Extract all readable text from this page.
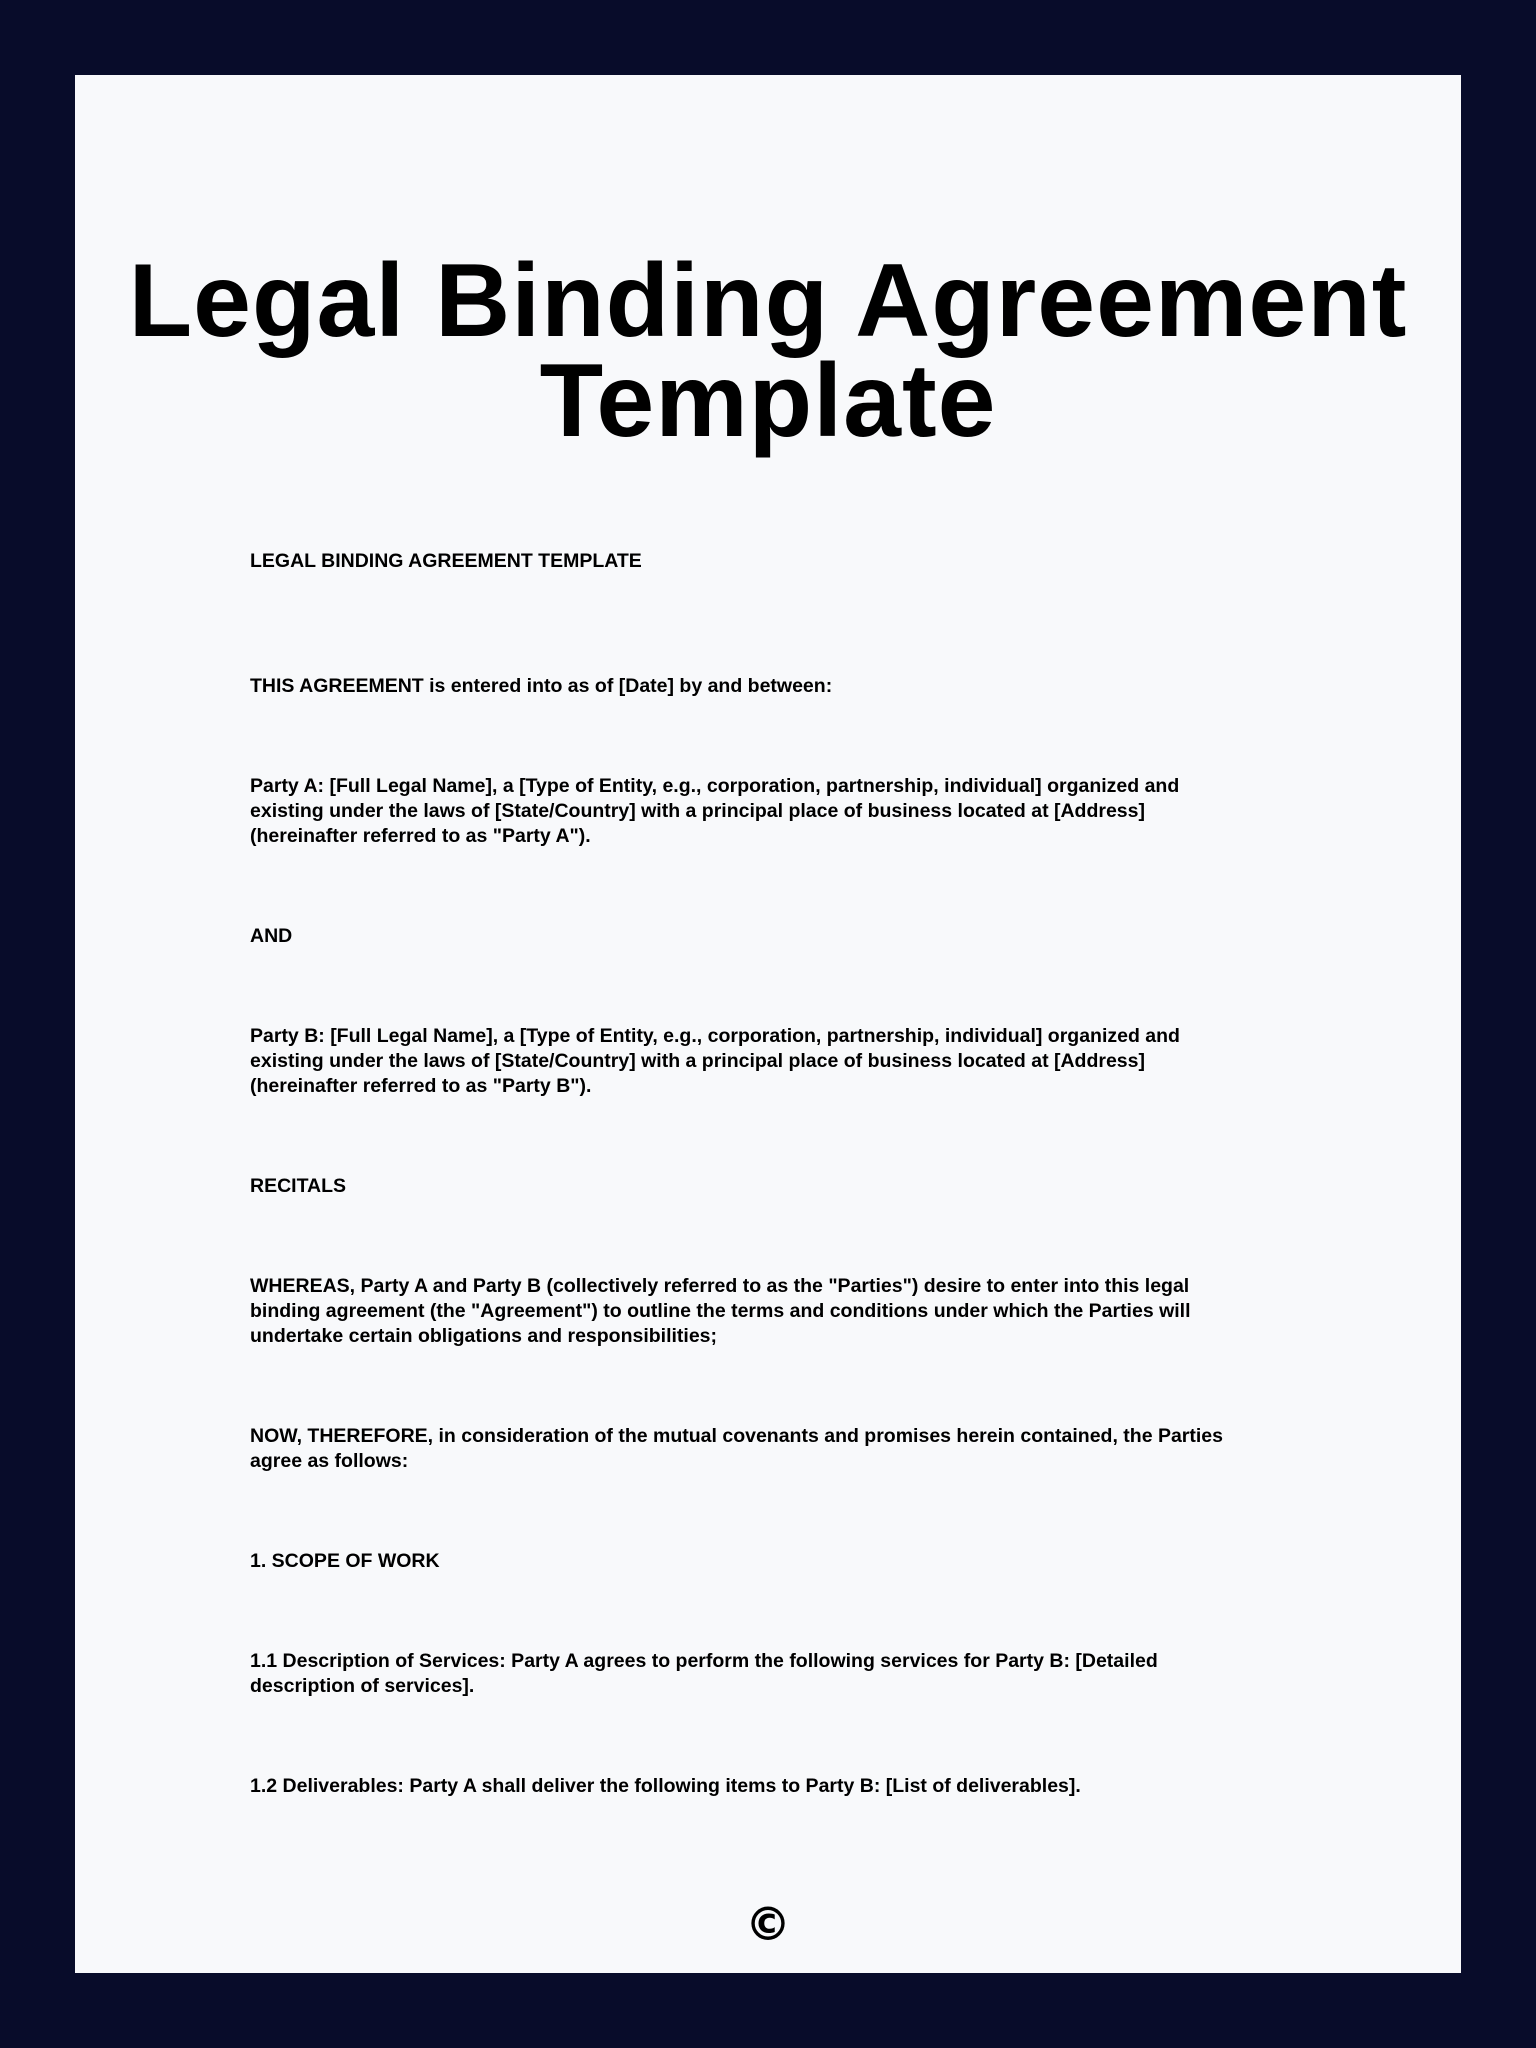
Legal Binding Agreement
Template

LEGAL BINDING AGREEMENT TEMPLATE

THIS AGREEMENT is entered into as of [Date] by and between:

Party A: [Full Legal Name], a [Type of Entity, e.g., corporation, partnership, individual] organized and
existing under the laws of [State/Country] with a principal place of business located at [Address]
(hereinafter referred to as "Party A").

AND

Party B: [Full Legal Name], a [Type of Entity, e.g., corporation, partnership, individual] organized and
existing under the laws of [State/Country] with a principal place of business located at [Address]
(hereinafter referred to as "Party B").

RECITALS

WHEREAS, Party A and Party B (collectively referred to as the "Parties") desire to enter into this legal
binding agreement (the "Agreement") to outline the terms and conditions under which the Parties will
undertake certain obligations and responsibilities;

NOW, THEREFORE, in consideration of the mutual covenants and promises herein contained, the Parties
agree as follows:

1. SCOPE OF WORK

1.1 Description of Services: Party A agrees to perform the following services for Party B: [Detailed
description of services].

1.2 Deliverables: Party A shall deliver the following items to Party B: [List of deliverables].

©
